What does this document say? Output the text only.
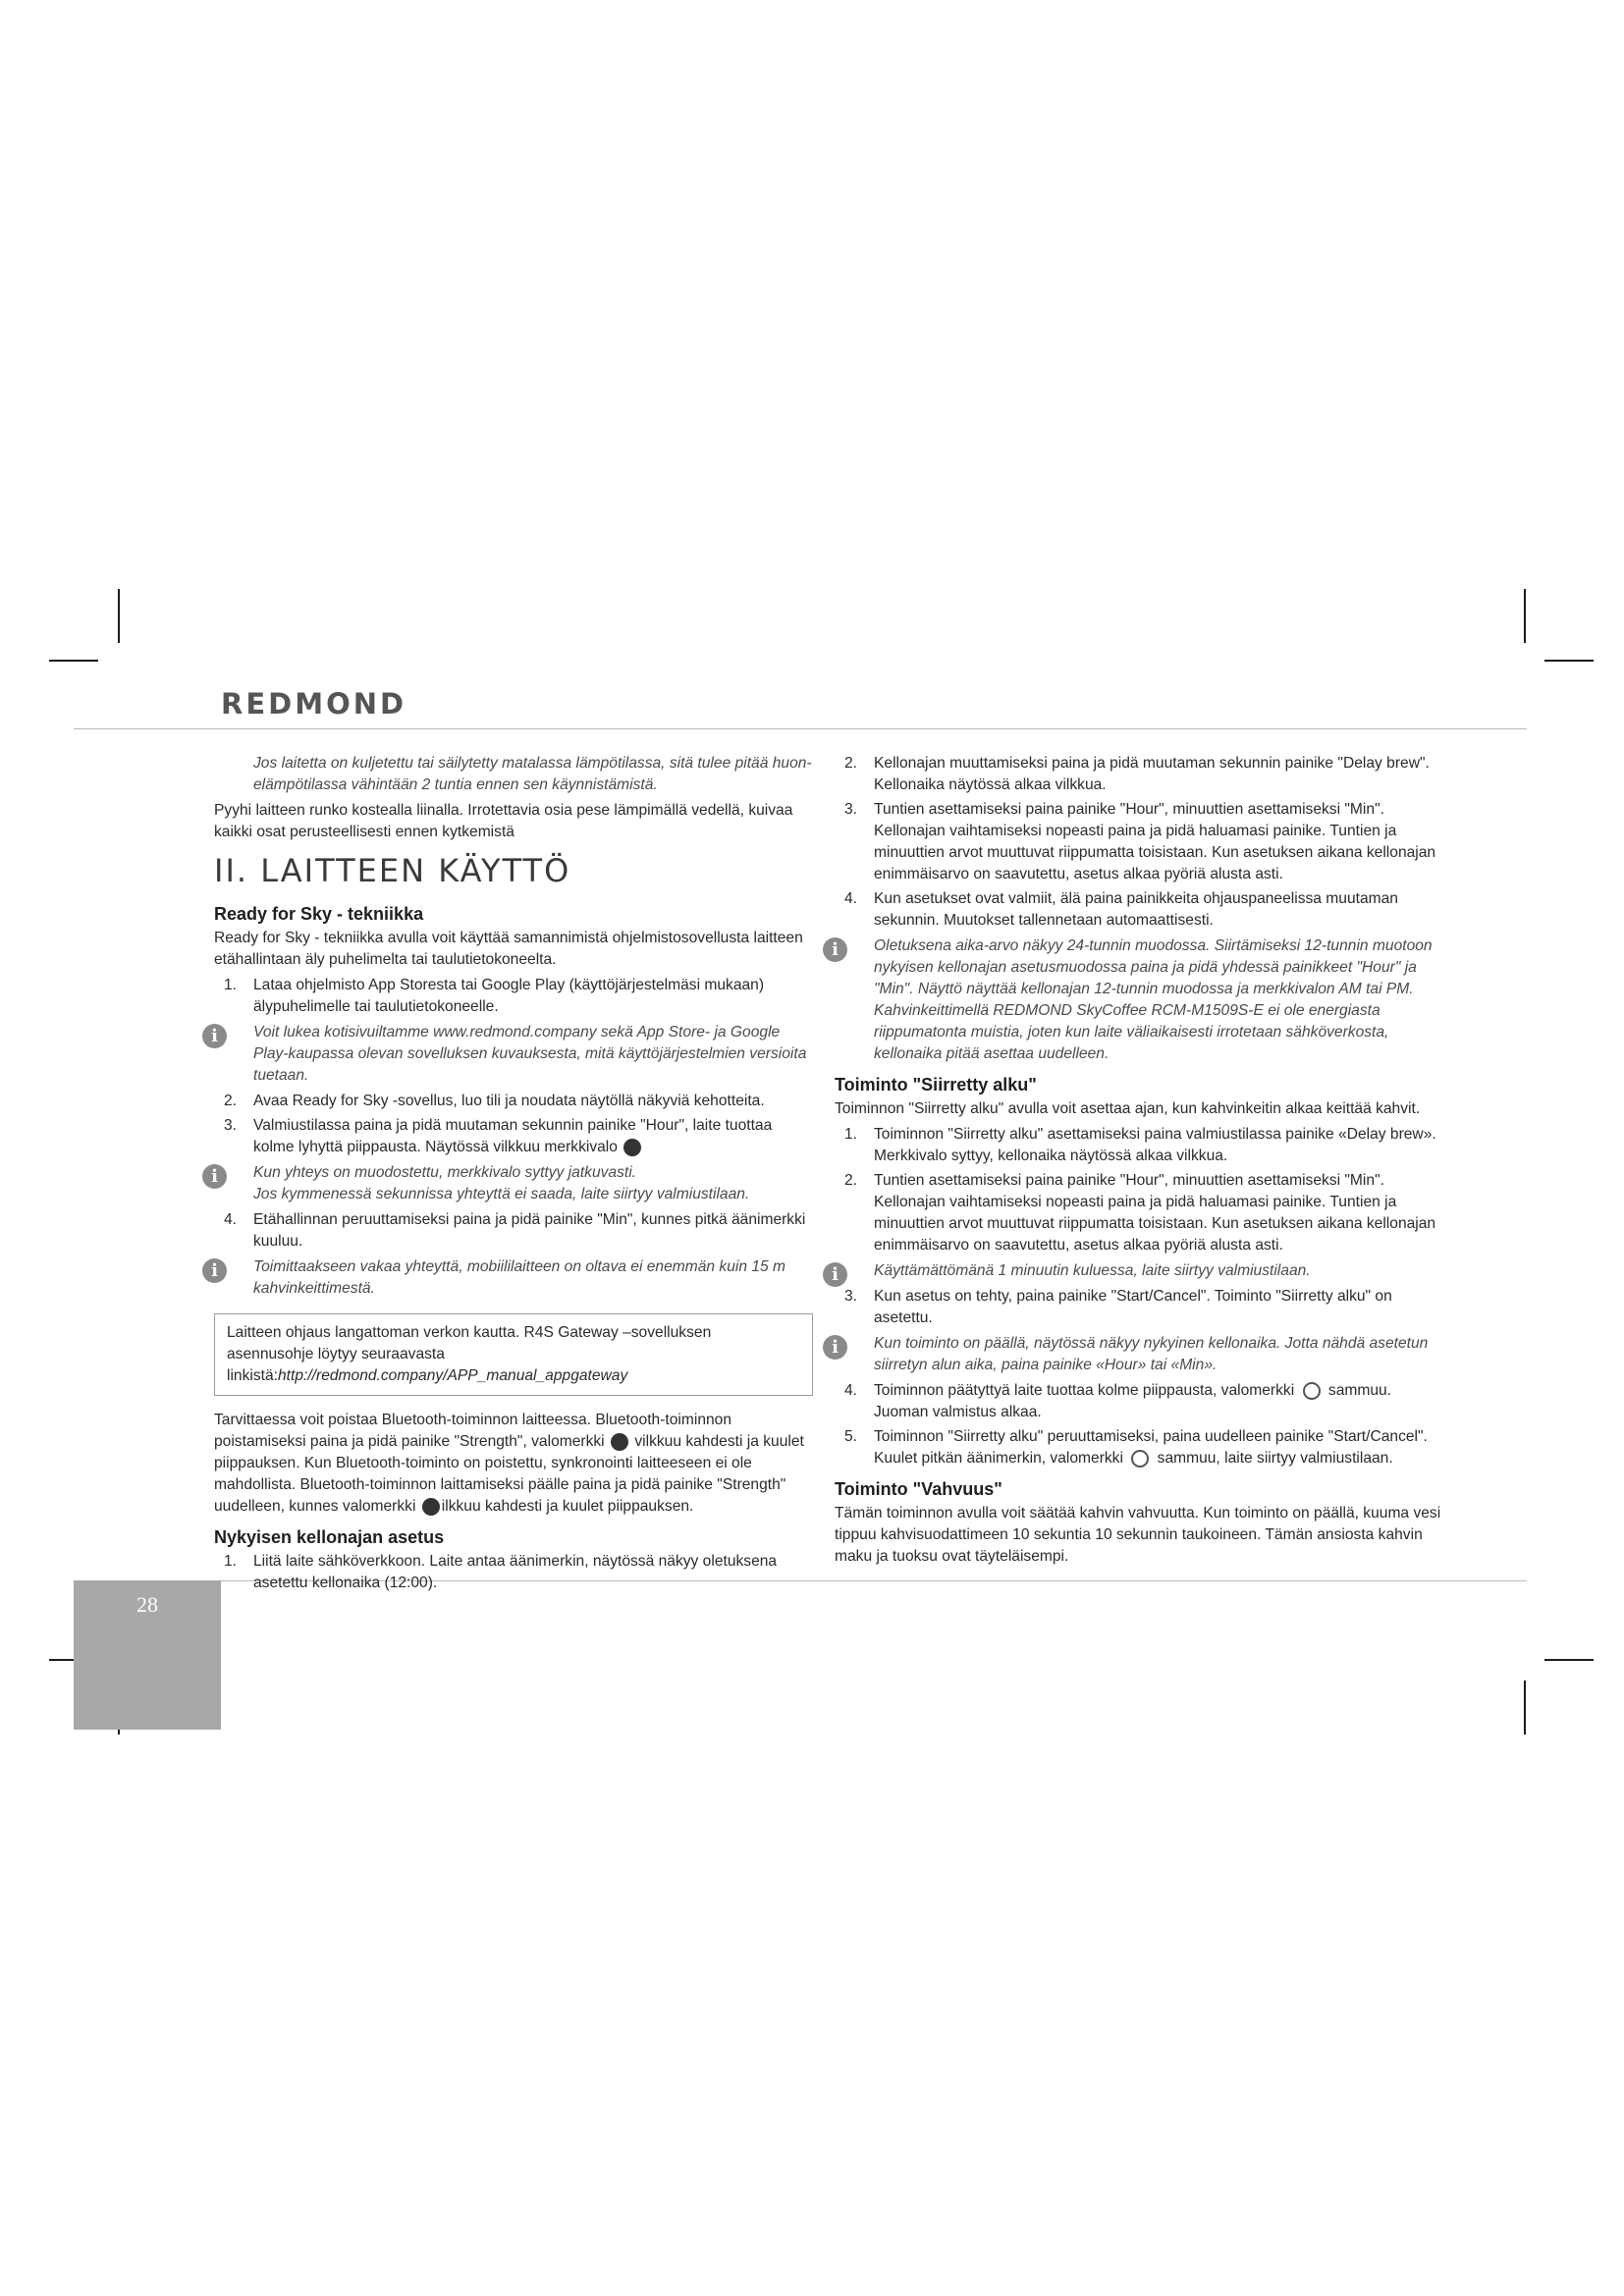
REDMOND
28

Jos laitetta on kuljetettu tai säilytetty matalassa lämpötilassa, sitä tulee pitää huon-elämpötilassa vähintään 2 tuntia ennen sen käynnistämistä.

Pyyhi laitteen runko kostealla liinalla. Irrotettavia osia pese lämpimällä vedellä, kuivaa kaikki osat perusteellisesti ennen kytkemistä

II. LAITTEEN KÄYTTÖ
Ready for Sky - tekniikka

Ready for Sky - tekniikka avulla voit käyttää samannimistä ohjelmistosovellusta laitteen etähallintaan äly puhelimelta tai taulutietokoneelta.

1. Lataa ohjelmisto App Storesta tai Google Play (käyttöjärjestelmäsi mukaan) älypuhelimelle tai taulutietokoneelle.
i	Voit lukea kotisivuiltamme www.redmond.company sekä App Store- ja Google Play-kaupassa olevan sovelluksen kuvauksesta, mitä käyttöjärjestelmien versioita tuetaan.
2. Avaa Ready for Sky -sovellus, luo tili ja noudata näytöllä näkyviä kehotteita.
3. Valmiustilassa paina ja pidä muutaman sekunnin painike "Hour", laite tuottaa kolme lyhyttä piippausta. Näytössä vilkkuu merkkivalo
i	Kun yhteys on muodostettu, merkkivalo syttyy jatkuvasti.
Jos kymmenessä sekunnissa yhteyttä ei saada, laite siirtyy valmiustilaan.
4. Etähallinnan peruuttamiseksi paina ja pidä painike "Min", kunnes pitkä äänimerkki kuuluu.
i	Toimittaakseen vakaa yhteyttä, mobiililaitteen on oltava ei enemmän kuin 15 m kahvinkeittimestä.
Laitteen ohjaus langattoman verkon kautta. R4S Gateway –sovelluksen asennusohje löytyy seuraavasta linkistä:http://redmond.company/APP_manual_appgateway

Tarvittaessa voit poistaa Bluetooth-toiminnon laitteessa. Bluetooth-toiminnon poistamiseksi paina ja pidä painike "Strength", valomerkki vilkkuu kahdesti ja kuulet piippauksen. Kun Bluetooth-toiminto on poistettu, synkronointi laitteeseen ei ole mahdollista. Bluetooth-toiminnon laittamiseksi päälle paina ja pidä painike "Strength" uudelleen, kunnes valomerkki ilkkuu kahdesti ja kuulet piippauksen.

Nykyisen kellonajan asetus
1. Liitä laite sähköverkkoon. Laite antaa äänimerkin, näytössä näkyy oletuksena asetettu kellonaika (12:00).
2. Kellonajan muuttamiseksi paina ja pidä muutaman sekunnin painike "Delay brew". Kellonaika näytössä alkaa vilkkua.
3. Tuntien asettamiseksi paina painike "Hour", minuuttien asettamiseksi "Min". Kellonajan vaihtamiseksi nopeasti paina ja pidä haluamasi painike. Tuntien ja minuuttien arvot muuttuvat riippumatta toisistaan. Kun asetuksen aikana kellonajan enimmäisarvo on saavutettu, asetus alkaa pyöriä alusta asti.
4. Kun asetukset ovat valmiit, älä paina painikkeita ohjauspaneelissa muutaman sekunnin. Muutokset tallennetaan automaattisesti.
i	Oletuksena aika-arvo näkyy 24-tunnin muodossa. Siirtämiseksi 12-tunnin muotoon nykyisen kellonajan asetusmuodossa paina ja pidä yhdessä painikkeet "Hour" ja "Min". Näyttö näyttää kellonajan 12-tunnin muodossa ja merkkivalon AM tai PM. Kahvinkeittimellä REDMOND SkyCoffee RCM-M1509S-E ei ole energiasta riippumatonta muistia, joten kun laite väliaikaisesti irrotetaan sähköverkosta, kellonaika pitää asettaa uudelleen.
Toiminto "Siirretty alku"

Toiminnon "Siirretty alku" avulla voit asettaa ajan, kun kahvinkeitin alkaa keittää kahvit.

1. Toiminnon "Siirretty alku" asettamiseksi paina valmiustilassa painike «Delay brew». Merkkivalo syttyy, kellonaika näytössä alkaa vilkkua.
2. Tuntien asettamiseksi paina painike "Hour", minuuttien asettamiseksi "Min". Kellonajan vaihtamiseksi nopeasti paina ja pidä haluamasi painike. Tuntien ja minuuttien arvot muuttuvat riippumatta toisistaan. Kun asetuksen aikana kellonajan enimmäisarvo on saavutettu, asetus alkaa pyöriä alusta asti.
i	Käyttämättömänä 1 minuutin kuluessa, laite siirtyy valmiustilaan.
3. Kun asetus on tehty, paina painike "Start/Cancel". Toiminto "Siirretty alku" on asetettu.
i	Kun toiminto on päällä, näytössä näkyy nykyinen kellonaika. Jotta nähdä asetetun siirretyn alun aika, paina painike «Hour» tai «Min».
4. Toiminnon päätyttyä laite tuottaa kolme piippausta, valomerkki sammuu. Juoman valmistus alkaa.
5. Toiminnon "Siirretty alku" peruuttamiseksi, paina uudelleen painike "Start/Cancel". Kuulet pitkän äänimerkin, valomerkki sammuu, laite siirtyy valmiustilaan.
Toiminto "Vahvuus"

Tämän toiminnon avulla voit säätää kahvin vahvuutta. Kun toiminto on päällä, kuuma vesi tippuu kahvisuodattimeen 10 sekuntia 10 sekunnin taukoineen. Tämän ansiosta kahvin maku ja tuoksu ovat täyteläisempi.
